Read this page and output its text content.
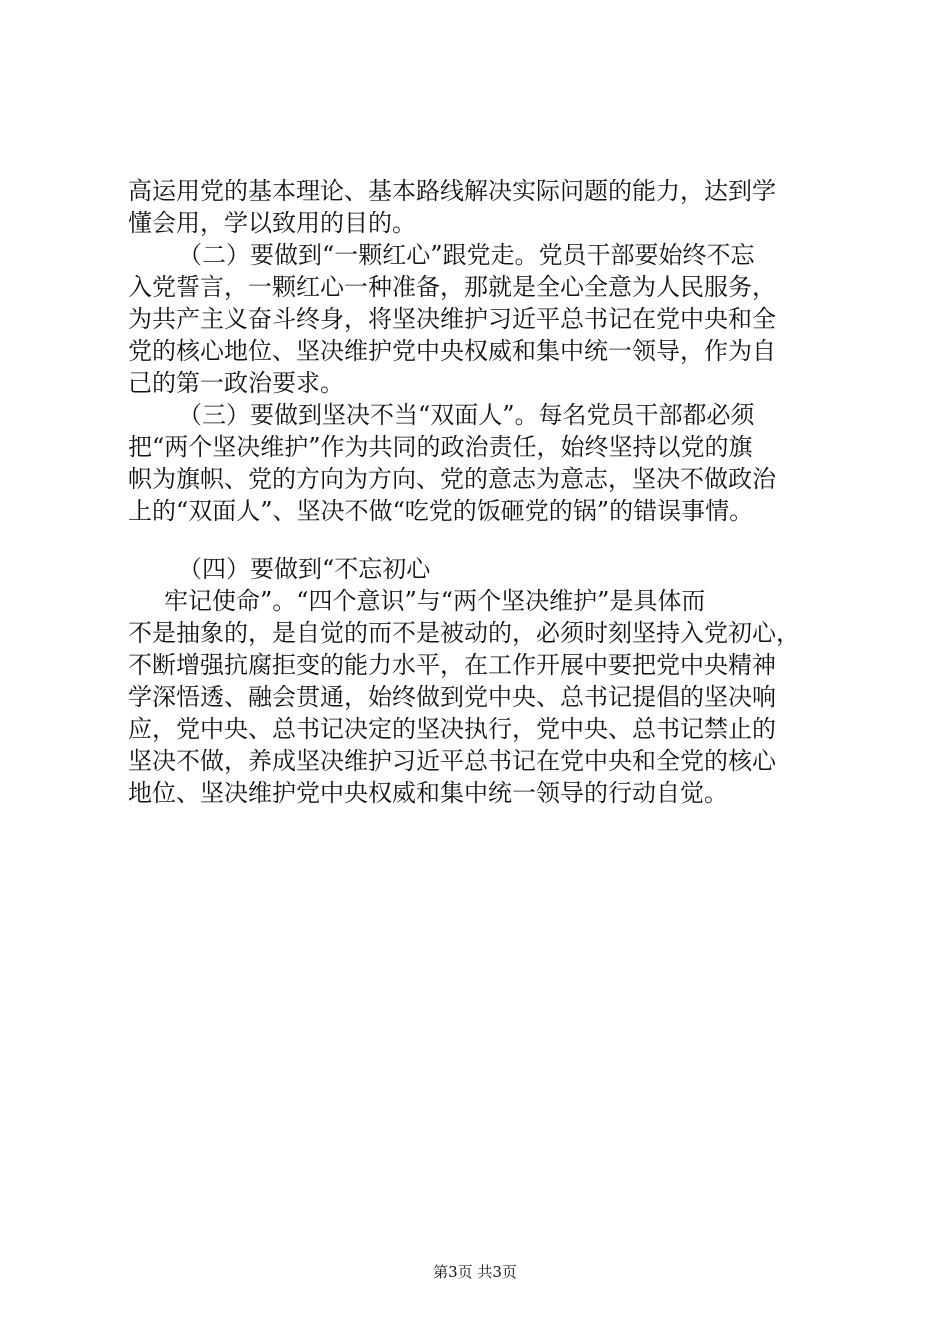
高运用党的基本理论、基本路线解决实际问题的能力，达到学
懂会用，学以致用的目的。
（二）要做到“一颗红心”跟党走。党员干部要始终不忘
入党誓言，一颗红心一种准备，那就是全心全意为人民服务，
为共产主义奋斗终身，将坚决维护习近平总书记在党中央和全
党的核心地位、坚决维护党中央权威和集中统一领导，作为自
己的第一政治要求。
（三）要做到坚决不当“双面人”。每名党员干部都必须
把“两个坚决维护”作为共同的政治责任，始终坚持以党的旗
帜为旗帜、党的方向为方向、党的意志为意志，坚决不做政治
上的“双面人”、坚决不做“吃党的饭砸党的锅”的错误事情。
（四）要做到“不忘初心
牢记使命”。“四个意识”与“两个坚决维护”是具体而
不是抽象的，是自觉的而不是被动的，必须时刻坚持入党初心，
不断增强抗腐拒变的能力水平，在工作开展中要把党中央精神
学深悟透、融会贯通，始终做到党中央、总书记提倡的坚决响
应，党中央、总书记决定的坚决执行，党中央、总书记禁止的
坚决不做，养成坚决维护习近平总书记在党中央和全党的核心
地位、坚决维护党中央权威和集中统一领导的行动自觉。
第3页 共3页
